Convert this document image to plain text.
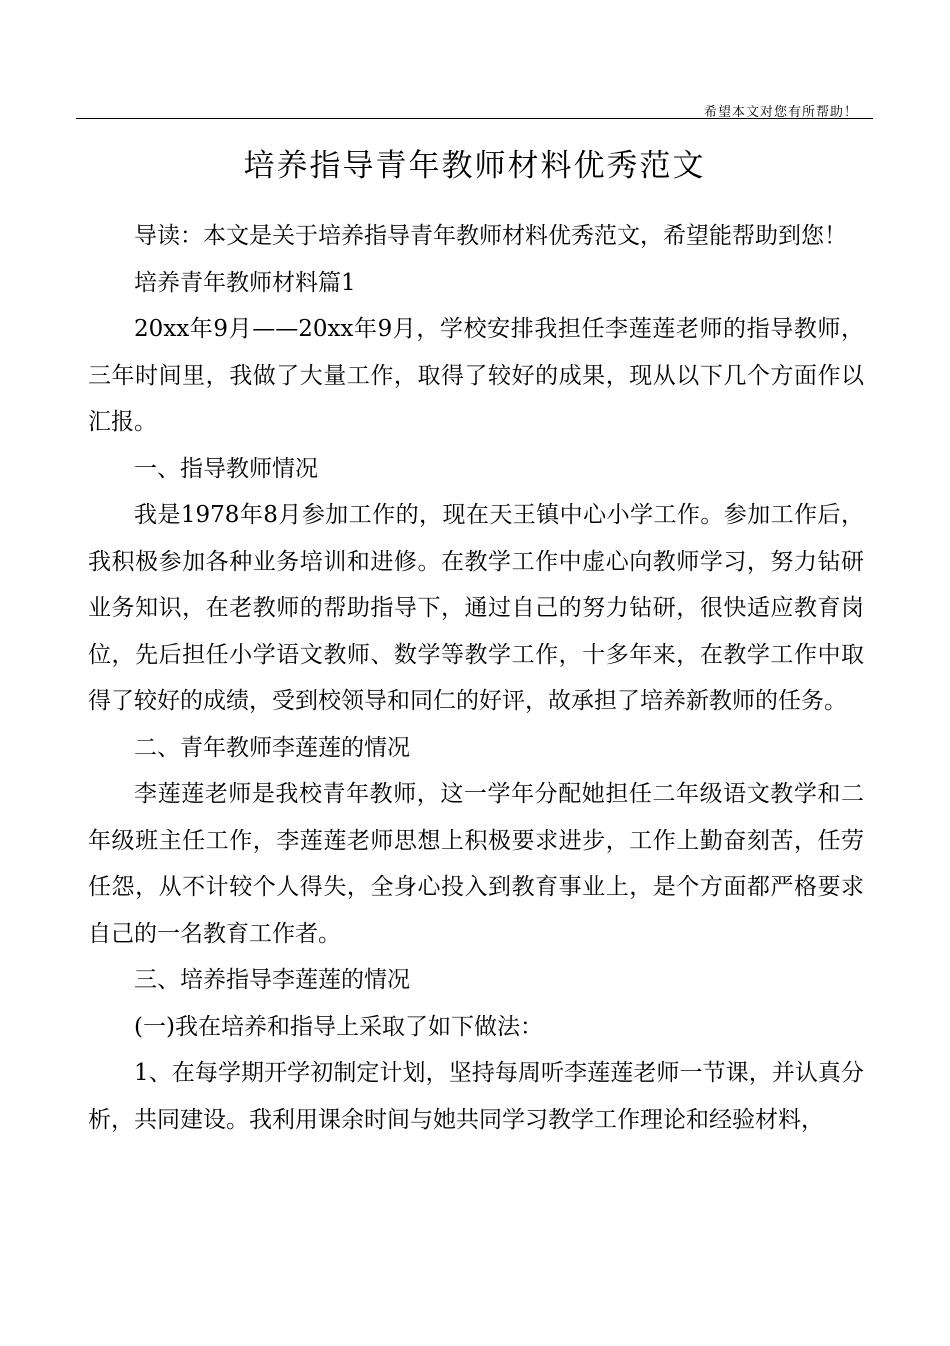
希望本文对您有所帮助！
培养指导青年教师材料优秀范文

导读：本文是关于培养指导青年教师材料优秀范文，希望能帮助到您！

培养青年教师材料篇1

20xx年9月——20xx年9月，学校安排我担任李莲莲老师的指导教师，三年时间里，我做了大量工作，取得了较好的成果，现从以下几个方面作以汇报。

一、指导教师情况

我是1978年8月参加工作的，现在天王镇中心小学工作。参加工作后，我积极参加各种业务培训和进修。在教学工作中虚心向教师学习，努力钻研业务知识，在老教师的帮助指导下，通过自己的努力钻研，很快适应教育岗位，先后担任小学语文教师、数学等教学工作，十多年来，在教学工作中取得了较好的成绩，受到校领导和同仁的好评，故承担了培养新教师的任务。

二、青年教师李莲莲的情况

李莲莲老师是我校青年教师，这一学年分配她担任二年级语文教学和二年级班主任工作，李莲莲老师思想上积极要求进步，工作上勤奋刻苦，任劳任怨，从不计较个人得失，全身心投入到教育事业上，是个方面都严格要求自己的一名教育工作者。

三、培养指导李莲莲的情况

(一)我在培养和指导上采取了如下做法：

1、在每学期开学初制定计划，坚持每周听李莲莲老师一节课，并认真分析，共同建设。我利用课余时间与她共同学习教学工作理论和经验材料，
